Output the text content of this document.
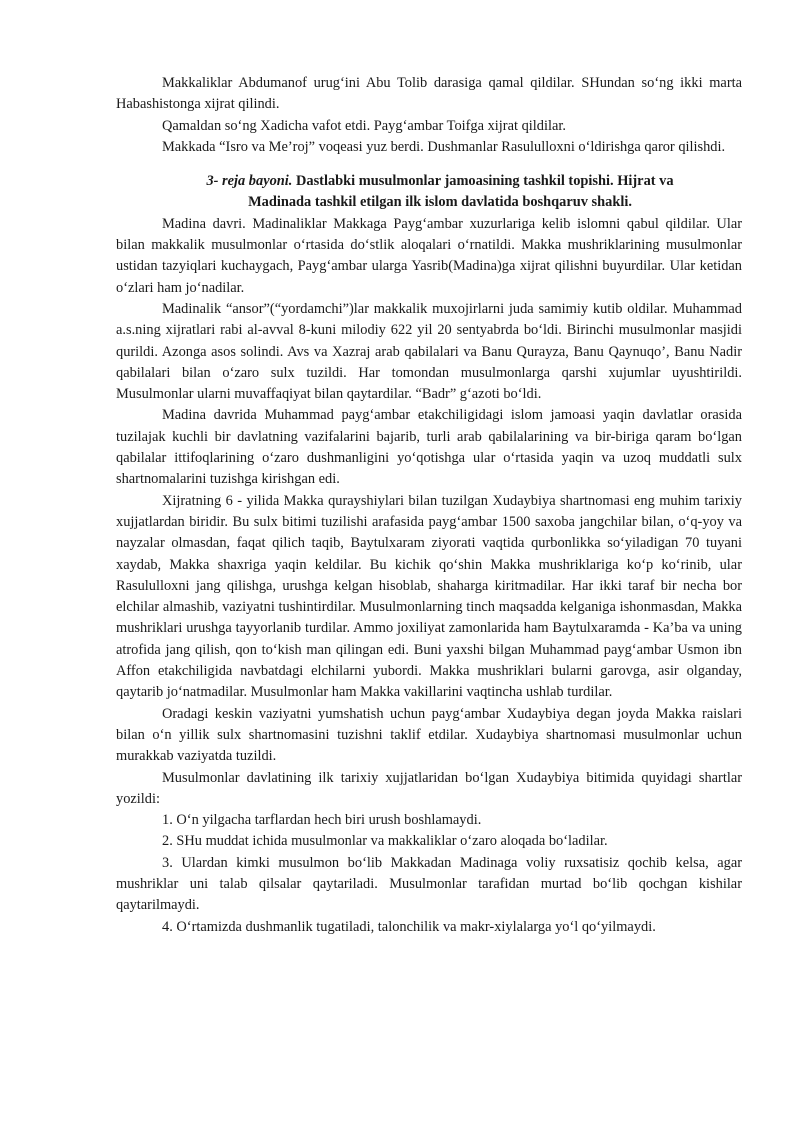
Makkaliklar Abdumanof urug‘ini Abu Tolib darasiga qamal qildilar. SHundan so‘ng ikki marta Habashistonga xijrat qilindi.

Qamaldan so‘ng Xadicha vafot etdi. Payg‘ambar Toifga xijrat qildilar.

Makkada “Isro va Me’roj” voqeasi yuz berdi. Dushmanlar Rasululloxni o‘ldirishga qaror qilishdi.

3- reja bayoni. Dastlabki musulmonlar jamoasining tashkil topishi. Hijrat va
Madinada tashkil etilgan ilk islom davlatida boshqaruv shakli.

Madina davri. Madinaliklar Makkaga Payg‘ambar xuzurlariga kelib islomni qabul qildilar. Ular bilan makkalik musulmonlar o‘rtasida do‘stlik aloqalari o‘rnatildi. Makka mushriklarining musulmonlar ustidan tazyiqlari kuchaygach, Payg‘ambar ularga Yasrib(Madina)ga xijrat qilishni buyurdilar. Ular ketidan o‘zlari ham jo‘nadilar.

Madinalik “ansor”(“yordamchi”)lar makkalik muxojirlarni juda samimiy kutib oldilar. Muhammad a.s.ning xijratlari rabi al-avval 8-kuni milodiy 622 yil 20 sentyabrda bo‘ldi. Birinchi musulmonlar masjidi qurildi. Azonga asos solindi. Avs va Xazraj arab qabilalari va Banu Qurayza, Banu Qaynuqo’, Banu Nadir qabilalari bilan o‘zaro sulx tuzildi. Har tomondan musulmonlarga qarshi xujumlar uyushtirildi. Musulmonlar ularni muvaffaqiyat bilan qaytardilar. “Badr” g‘azoti bo‘ldi.

Madina davrida Muhammad payg‘ambar etakchiligidagi islom jamoasi yaqin davlatlar orasida tuzilajak kuchli bir davlatning vazifalarini bajarib, turli arab qabilalarining va bir-biriga qaram bo‘lgan qabilalar ittifoqlarining o‘zaro dushmanligini yo‘qotishga ular o‘rtasida yaqin va uzoq muddatli sulx shartnomalarini tuzishga kirishgan edi.

Xijratning 6 - yilida Makka qurayshiylari bilan tuzilgan Xudaybiya shartnomasi eng muhim tarixiy xujjatlardan biridir. Bu sulx bitimi tuzilishi arafasida payg‘ambar 1500 saxoba jangchilar bilan, o‘q-yoy va nayzalar olmasdan, faqat qilich taqib, Baytulxaram ziyorati vaqtida qurbonlikka so‘yiladigan 70 tuyani xaydab, Makka shaxriga yaqin keldilar. Bu kichik qo‘shin Makka mushriklariga ko‘p ko‘rinib, ular Rasululloxni jang qilishga, urushga kelgan hisoblab, shaharga kiritmadilar. Har ikki taraf bir necha bor elchilar almashib, vaziyatni tushintirdilar. Musulmonlarning tinch maqsadda kelganiga ishonmasdan, Makka mushriklari urushga tayyorlanib turdilar. Ammo joxiliyat zamonlarida ham Baytulxaramda - Ka’ba va uning atrofida jang qilish, qon to‘kish man qilingan edi. Buni yaxshi bilgan Muhammad payg‘ambar Usmon ibn Affon etakchiligida navbatdagi elchilarni yubordi. Makka mushriklari bularni garovga, asir olganday, qaytarib jo‘natmadilar. Musulmonlar ham Makka vakillarini vaqtincha ushlab turdilar.

Oradagi keskin vaziyatni yumshatish uchun payg‘ambar Xudaybiya degan joyda Makka raislari bilan o‘n yillik sulx shartnomasini tuzishni taklif etdilar. Xudaybiya shartnomasi musulmonlar uchun murakkab vaziyatda tuzildi.

Musulmonlar davlatining ilk tarixiy xujjatlaridan bo‘lgan Xudaybiya bitimida quyidagi shartlar yozildi:

1. O‘n yilgacha tarflardan hech biri urush boshlamaydi.

2. SHu muddat ichida musulmonlar va makkaliklar o‘zaro aloqada bo‘ladilar.

3. Ulardan kimki musulmon bo‘lib Makkadan Madinaga voliy ruxsatisiz qochib kelsa, agar mushriklar uni talab qilsalar qaytariladi. Musulmonlar tarafidan murtad bo‘lib qochgan kishilar qaytarilmaydi.

4. O‘rtamizda dushmanlik tugatiladi, talonchilik va makr-xiylalarga yo‘l qo‘yilmaydi.
